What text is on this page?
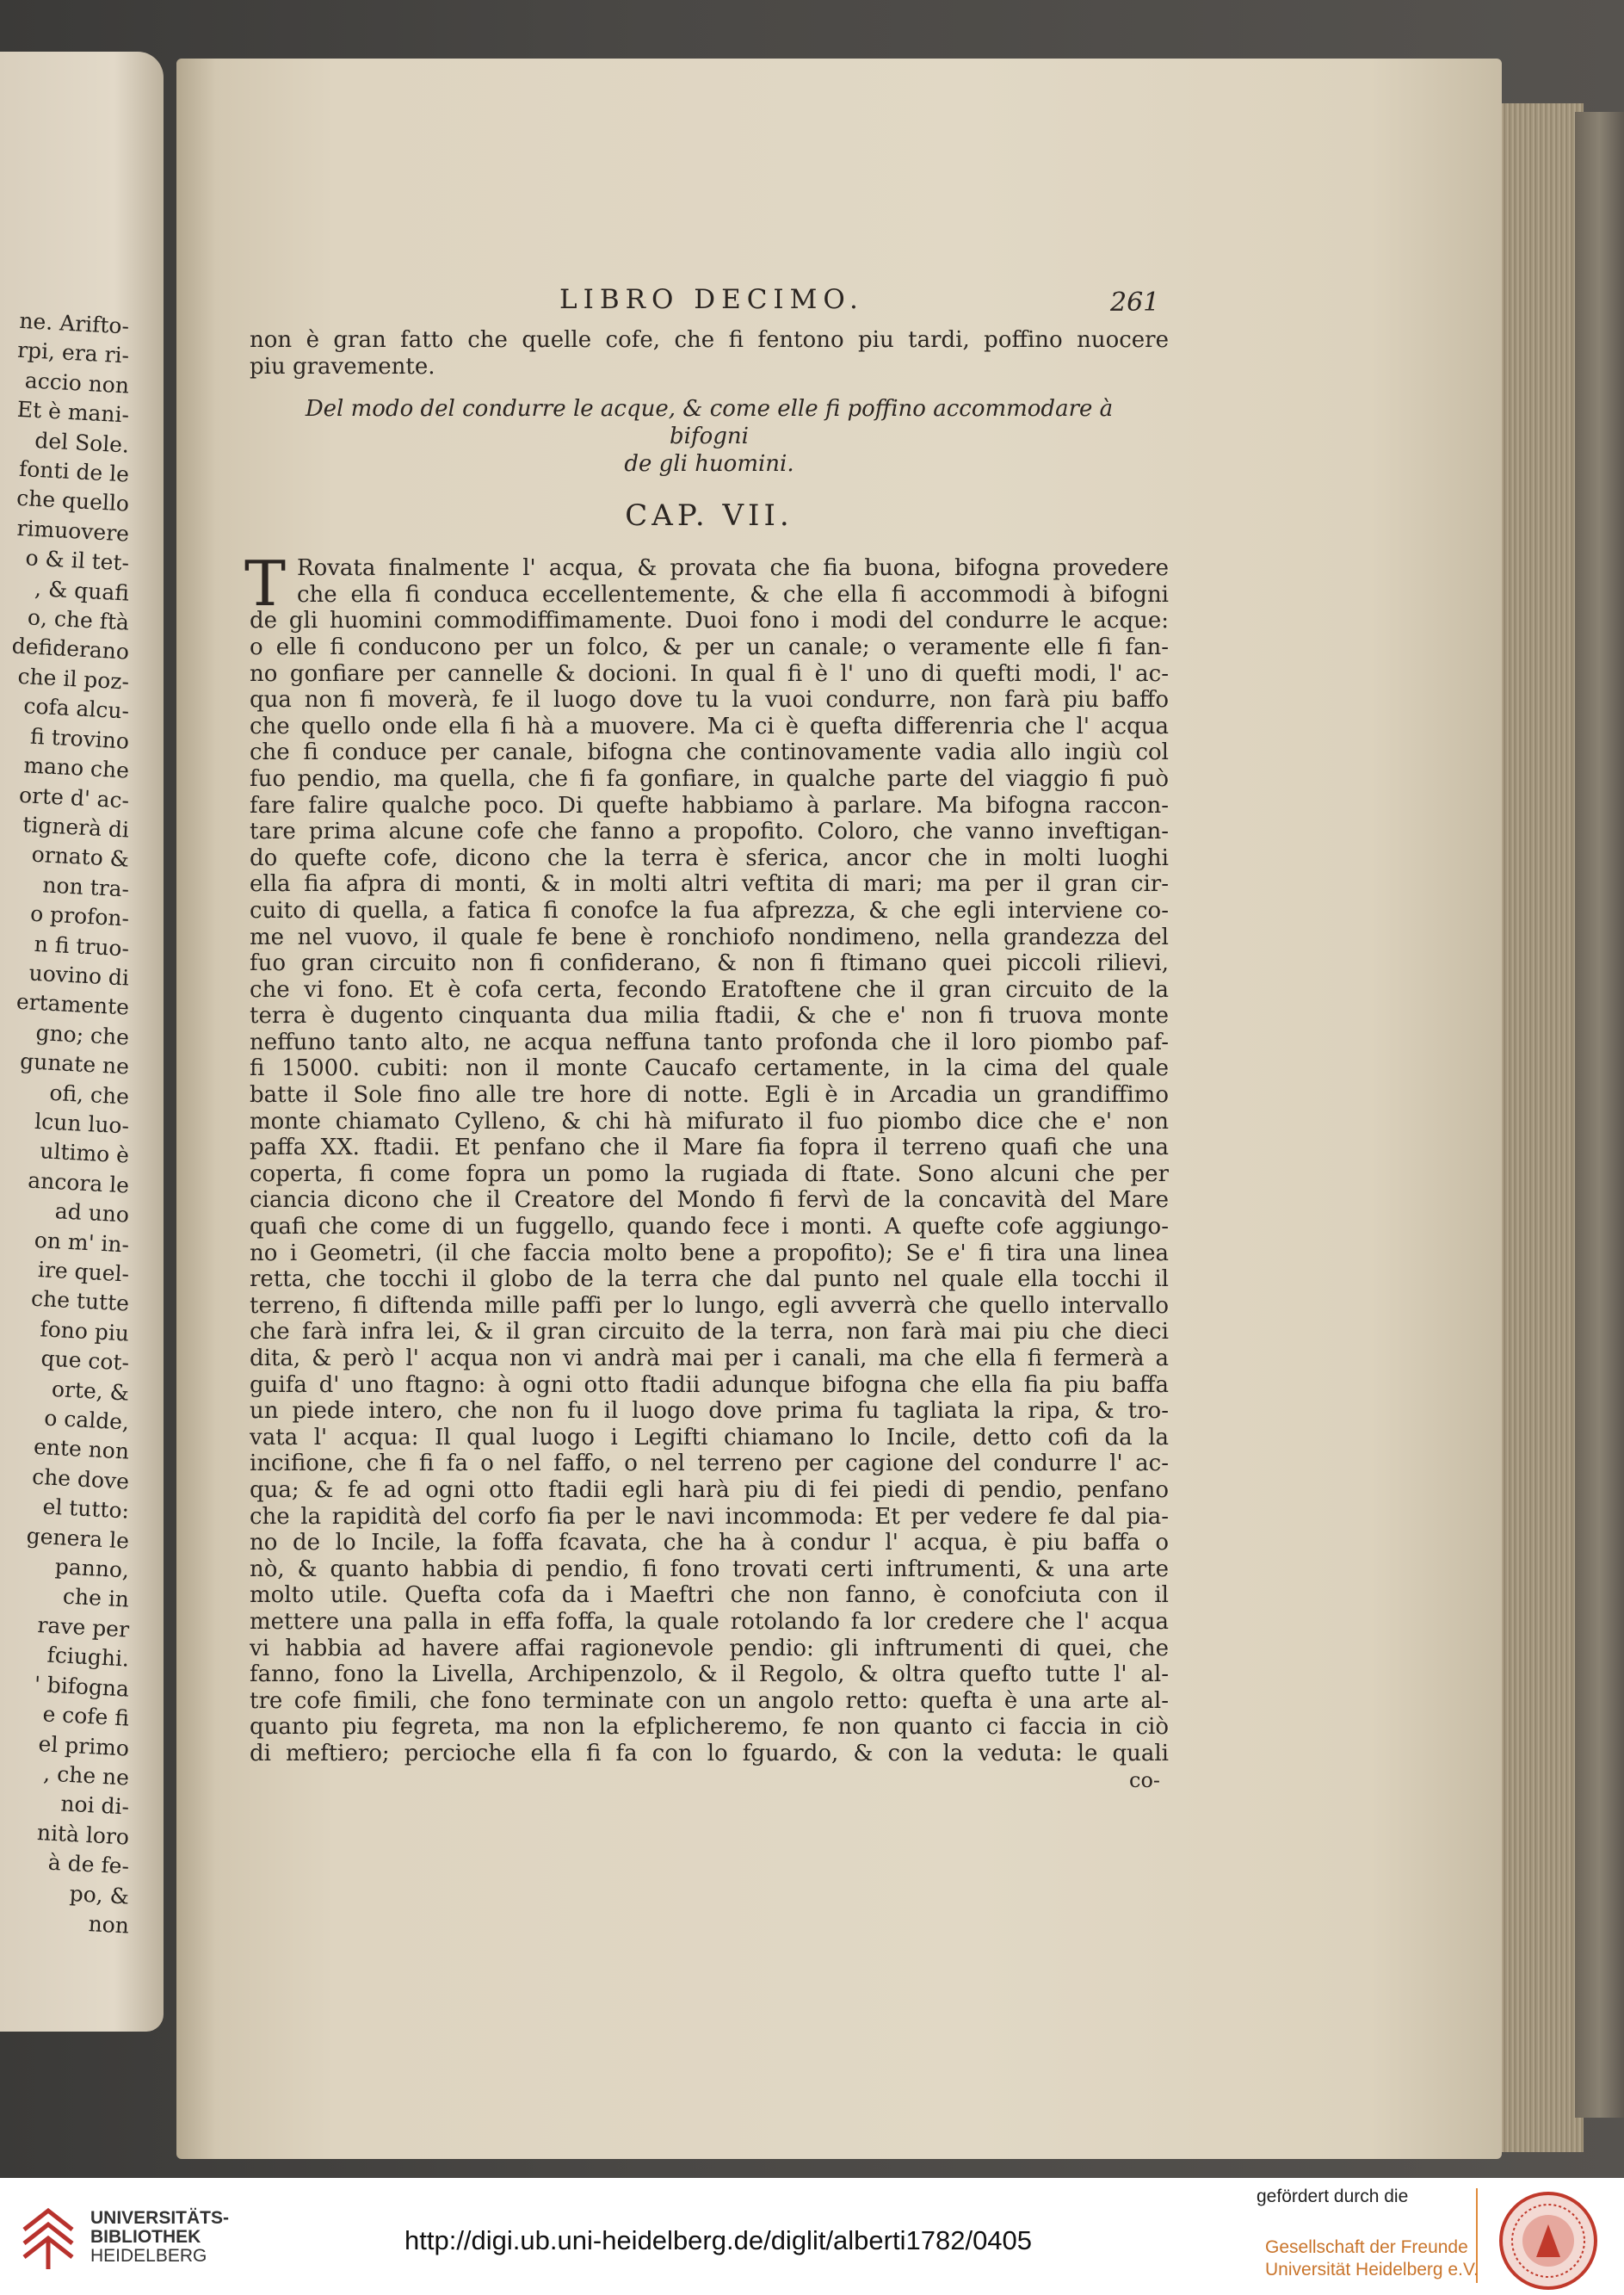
ne. Arifto-
rpi, era ri-
accio non
Et è mani-
del Sole.
fonti de le
che quello
rimuovere
o & il tet-
, & quafi
o, che ftà
defiderano
che il poz-
cofa alcu-
fi trovino
mano che
orte d' ac-
tignerà di
ornato &
non tra-
o profon-
n fi truo-
uovino di
ertamente
gno; che
gunate ne
ofi, che
lcun luo-
ultimo è
ancora le
ad uno
on m' in-
ire quel-
che tutte
fono piu
que cot-
orte, &
o calde,
ente non
che dove
el tutto:
genera le
panno,
che in
rave per
fciughi.
' bifogna
e cofe fi
el primo
, che ne
noi di-
nità loro
à de fe-
po, &
non
LIBRO DECIMO.	261
non è gran fatto che quelle cofe, che fi fentono piu tardi, poffino nuocere
piu gravemente.
Del modo del condurre le acque, & come elle fi poffino accommodare à bifogni
de gli huomini.
CAP. VII.
T Rovata finalmente l' acqua, & provata che fia buona, bifogna provedere
che ella fi conduca eccellentemente, & che ella fi accommodi à bifogni
de gli huomini commodiffimamente. Duoi fono i modi del condurre le acque:
o elle fi conducono per un folco, & per un canale; o veramente elle fi fan-
no gonfiare per cannelle & docioni. In qual fi è l' uno di quefti modi, l' ac-
qua non fi moverà, fe il luogo dove tu la vuoi condurre, non farà piu baffo
che quello onde ella fi hà a muovere. Ma ci è quefta differenria che l' acqua
che fi conduce per canale, bifogna che continovamente vadia allo ingiù col
fuo pendio, ma quella, che fi fa gonfiare, in qualche parte del viaggio fi può
fare falire qualche poco. Di quefte habbiamo à parlare. Ma bifogna raccon-
tare prima alcune cofe che fanno a propofito. Coloro, che vanno inveftigan-
do quefte cofe, dicono che la terra è sferica, ancor che in molti luoghi
ella fia afpra di monti, & in molti altri veftita di mari; ma per il gran cir-
cuito di quella, a fatica fi conofce la fua afprezza, & che egli interviene co-
me nel vuovo, il quale fe bene è ronchiofo nondimeno, nella grandezza del
fuo gran circuito non fi confiderano, & non fi ftimano quei piccoli rilievi,
che vi fono. Et è cofa certa, fecondo Eratoftene che il gran circuito de la
terra è dugento cinquanta dua milia ftadii, & che e' non fi truova monte
neffuno tanto alto, ne acqua neffuna tanto profonda che il loro piombo paf-
fi 15000. cubiti: non il monte Caucafo certamente, in la cima del quale
batte il Sole fino alle tre hore di notte. Egli è in Arcadia un grandiffimo
monte chiamato Cylleno, & chi hà mifurato il fuo piombo dice che e' non
paffa XX. ftadii. Et penfano che il Mare fia fopra il terreno quafi che una
coperta, fi come fopra un pomo la rugiada di ftate. Sono alcuni che per
ciancia dicono che il Creatore del Mondo fi fervì de la concavità del Mare
quafi che come di un fuggello, quando fece i monti. A quefte cofe aggiungo-
no i Geometri, (il che faccia molto bene a propofito); Se e' fi tira una linea
retta, che tocchi il globo de la terra che dal punto nel quale ella tocchi il
terreno, fi diftenda mille paffi per lo lungo, egli avverrà che quello intervallo
che farà infra lei, & il gran circuito de la terra, non farà mai piu che dieci
dita, & però l' acqua non vi andrà mai per i canali, ma che ella fi fermerà a
guifa d' uno ftagno: à ogni otto ftadii adunque bifogna che ella fia piu baffa
un piede intero, che non fu il luogo dove prima fu tagliata la ripa, & tro-
vata l' acqua: Il qual luogo i Legifti chiamano lo Incile, detto cofi da la
incifione, che fi fa o nel faffo, o nel terreno per cagione del condurre l' ac-
qua; & fe ad ogni otto ftadii egli harà piu di fei piedi di pendio, penfano
che la rapidità del corfo fia per le navi incommoda: Et per vedere fe dal pia-
no de lo Incile, la foffa fcavata, che ha à condur l' acqua, è piu baffa o
nò, & quanto habbia di pendio, fi fono trovati certi inftrumenti, & una arte
molto utile. Quefta cofa da i Maeftri che non fanno, è conofciuta con il
mettere una palla in effa foffa, la quale rotolando fa lor credere che l' acqua
vi habbia ad havere affai ragionevole pendio: gli inftrumenti di quei, che
fanno, fono la Livella, Archipenzolo, & il Regolo, & oltra quefto tutte l' al-
tre cofe fimili, che fono terminate con un angolo retto: quefta è una arte al-
quanto piu fegreta, ma non la efplicheremo, fe non quanto ci faccia in ciò
di meftiero; percioche ella fi fa con lo fguardo, & con la veduta: le quali
co-
UNIVERSITÄTS-
BIBLIOTHEK
HEIDELBERG
http://digi.ub.uni-heidelberg.de/diglit/alberti1782/0405
gefördert durch die
Gesellschaft der Freunde
Universität Heidelberg e.V.
